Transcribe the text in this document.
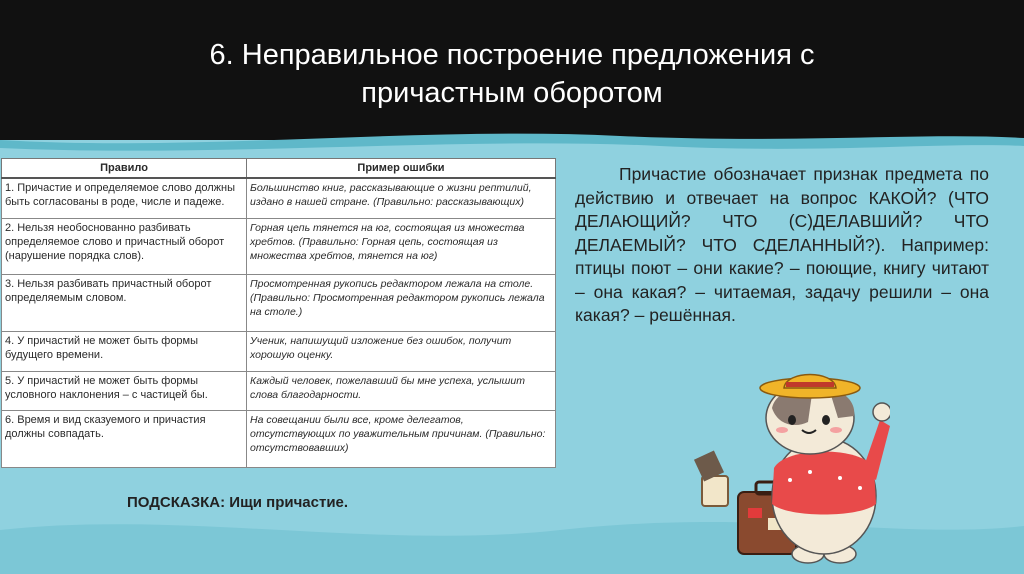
6. Неправильное построение предложения с
причастным оборотом
Правило	Пример ошибки
1. Причастие и определяемое слово должны быть согласованы в роде, числе и падеже.	Большинство книг, рассказывающие о жизни рептилий, издано в нашей стране. (Правильно: рассказывающих)
2. Нельзя необоснованно разбивать определяемое слово и причастный оборот (нарушение порядка слов).	Горная цепь тянется на юг, состоящая из множества хребтов. (Правильно: Горная цепь, состоящая из множества хребтов, тянется на юг)
3. Нельзя разбивать причастный оборот определяемым словом.	Просмотренная рукопись редактором лежала на столе. (Правильно: Просмотренная редактором рукопись лежала на столе.)
4. У причастий не может быть формы будущего времени.	Ученик, напишущий изложение без ошибок, получит хорошую оценку.
5. У причастий не может быть формы условного наклонения – с частицей бы.	Каждый человек, пожелавший бы мне успеха, услышит слова благодарности.
6. Время и вид сказуемого и причастия должны совпадать.	На совещании были все, кроме делегатов, отсутствующих по уважительным причинам. (Правильно: отсутствовавших)

Причастие обозначает признак предмета по действию и отвечает на вопрос КАКОЙ? (ЧТО ДЕЛАЮЩИЙ? ЧТО (С)ДЕЛАВШИЙ? ЧТО ДЕЛАЕМЫЙ? ЧТО СДЕЛАННЫЙ?). Например: птицы поют – они какие? – поющие, книгу читают – она какая? – читаемая, задачу решили – она какая? – решённая.

ПОДСКАЗКА: Ищи причастие.
